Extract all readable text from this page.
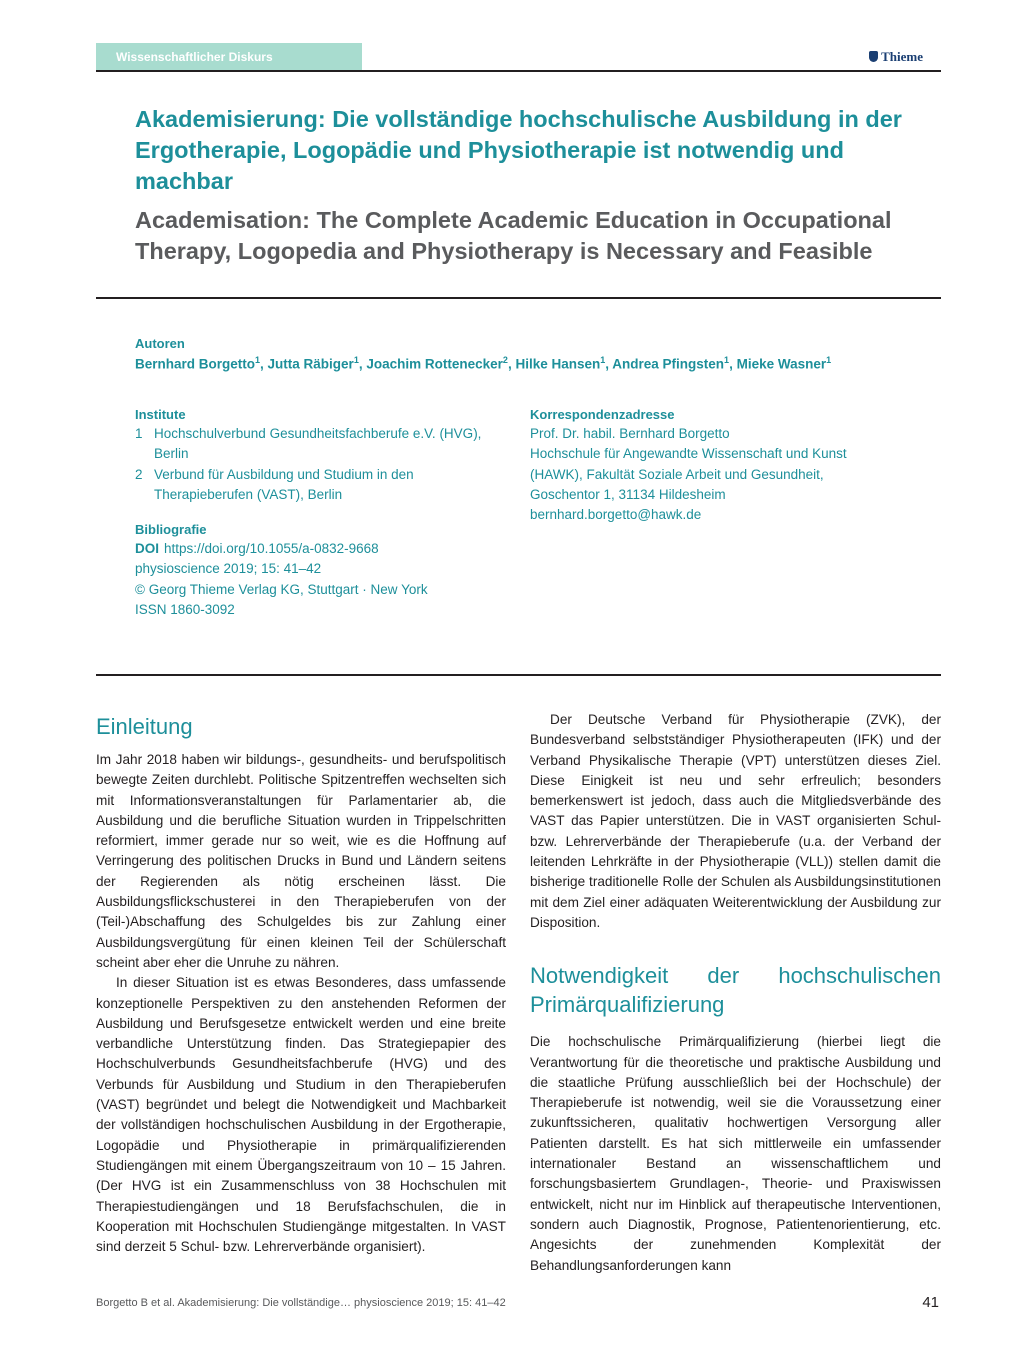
Wissenschaftlicher Diskurs	Thieme
Akademisierung: Die vollständige hochschulische Ausbildung in der Ergotherapie, Logopädie und Physiotherapie ist notwendig und machbar
Academisation: The Complete Academic Education in Occupational Therapy, Logopedia and Physiotherapy is Necessary and Feasible
Autoren
Bernhard Borgetto$^1$, Jutta Räbiger$^1$, Joachim Rottenecker$^2$, Hilke Hansen$^1$, Andrea Pfingsten$^1$, Mieke Wasner$^1$
Institute
1 Hochschulverbund Gesundheitsfachberufe e.V. (HVG), Berlin
2 Verbund für Ausbildung und Studium in den Therapieberufen (VAST), Berlin
Bibliografie
DOI https://doi.org/10.1055/a-0832-9668
physioscience 2019; 15: 41–42
© Georg Thieme Verlag KG, Stuttgart · New York
ISSN 1860-3092
Korrespondenzadresse
Prof. Dr. habil. Bernhard Borgetto
Hochschule für Angewandte Wissenschaft und Kunst (HAWK), Fakultät Soziale Arbeit und Gesundheit,
Goschentor 1, 31134 Hildesheim
bernhard.borgetto@hawk.de
Einleitung

Im Jahr 2018 haben wir bildungs-, gesundheits- und berufspolitisch bewegte Zeiten durchlebt. Politische Spitzentreffen wechselten sich mit Informationsveranstaltungen für Parlamentarier ab, die Ausbildung und die berufliche Situation wurden in Trippelschritten reformiert, immer gerade nur so weit, wie es die Hoffnung auf Verringerung des politischen Drucks in Bund und Ländern seitens der Regierenden als nötig erscheinen lässt. Die Ausbildungsflickschusterei in den Therapieberufen von der (Teil-)Abschaffung des Schulgeldes bis zur Zahlung einer Ausbildungsvergütung für einen kleinen Teil der Schülerschaft scheint aber eher die Unruhe zu nähren.

In dieser Situation ist es etwas Besonderes, dass umfassende konzeptionelle Perspektiven zu den anstehenden Reformen der Ausbildung und Berufsgesetze entwickelt werden und eine breite verbandliche Unterstützung finden. Das Strategiepapier des Hochschulverbunds Gesundheitsfachberufe (HVG) und des Verbunds für Ausbildung und Studium in den Therapieberufen (VAST) begründet und belegt die Notwendigkeit und Machbarkeit der vollständigen hochschulischen Ausbildung in der Ergotherapie, Logopädie und Physiotherapie in primärqualifizierenden Studiengängen mit einem Übergangszeitraum von 10 – 15 Jahren. (Der HVG ist ein Zusammenschluss von 38 Hochschulen mit Therapiestudiengängen und 18 Berufsfachschulen, die in Kooperation mit Hochschulen Studiengänge mitgestalten. In VAST sind derzeit 5 Schul- bzw. Lehrerverbände organisiert).

Der Deutsche Verband für Physiotherapie (ZVK), der Bundesverband selbstständiger Physiotherapeuten (IFK) und der Verband Physikalische Therapie (VPT) unterstützen dieses Ziel. Diese Einigkeit ist neu und sehr erfreulich; besonders bemerkenswert ist jedoch, dass auch die Mitgliedsverbände des VAST das Papier unterstützen. Die in VAST organisierten Schul- bzw. Lehrerverbände der Therapieberufe (u.a. der Verband der leitenden Lehrkräfte in der Physiotherapie (VLL)) stellen damit die bisherige traditionelle Rolle der Schulen als Ausbildungsinstitutionen mit dem Ziel einer adäquaten Weiterentwicklung der Ausbildung zur Disposition.

Notwendigkeit der hochschulischen Primärqualifizierung

Die hochschulische Primärqualifizierung (hierbei liegt die Verantwortung für die theoretische und praktische Ausbildung und die staatliche Prüfung ausschließlich bei der Hochschule) der Therapieberufe ist notwendig, weil sie die Voraussetzung einer zukunftssicheren, qualitativ hochwertigen Versorgung aller Patienten darstellt. Es hat sich mittlerweile ein umfassender internationaler Bestand an wissenschaftlichem und forschungsbasiertem Grundlagen-, Theorie- und Praxiswissen entwickelt, nicht nur im Hinblick auf therapeutische Interventionen, sondern auch Diagnostik, Prognose, Patientenorientierung, etc. Angesichts der zunehmenden Komplexität der Behandlungsanforderungen kann

Borgetto B et al. Akademisierung: Die vollständige… physioscience 2019; 15: 41–42	41
